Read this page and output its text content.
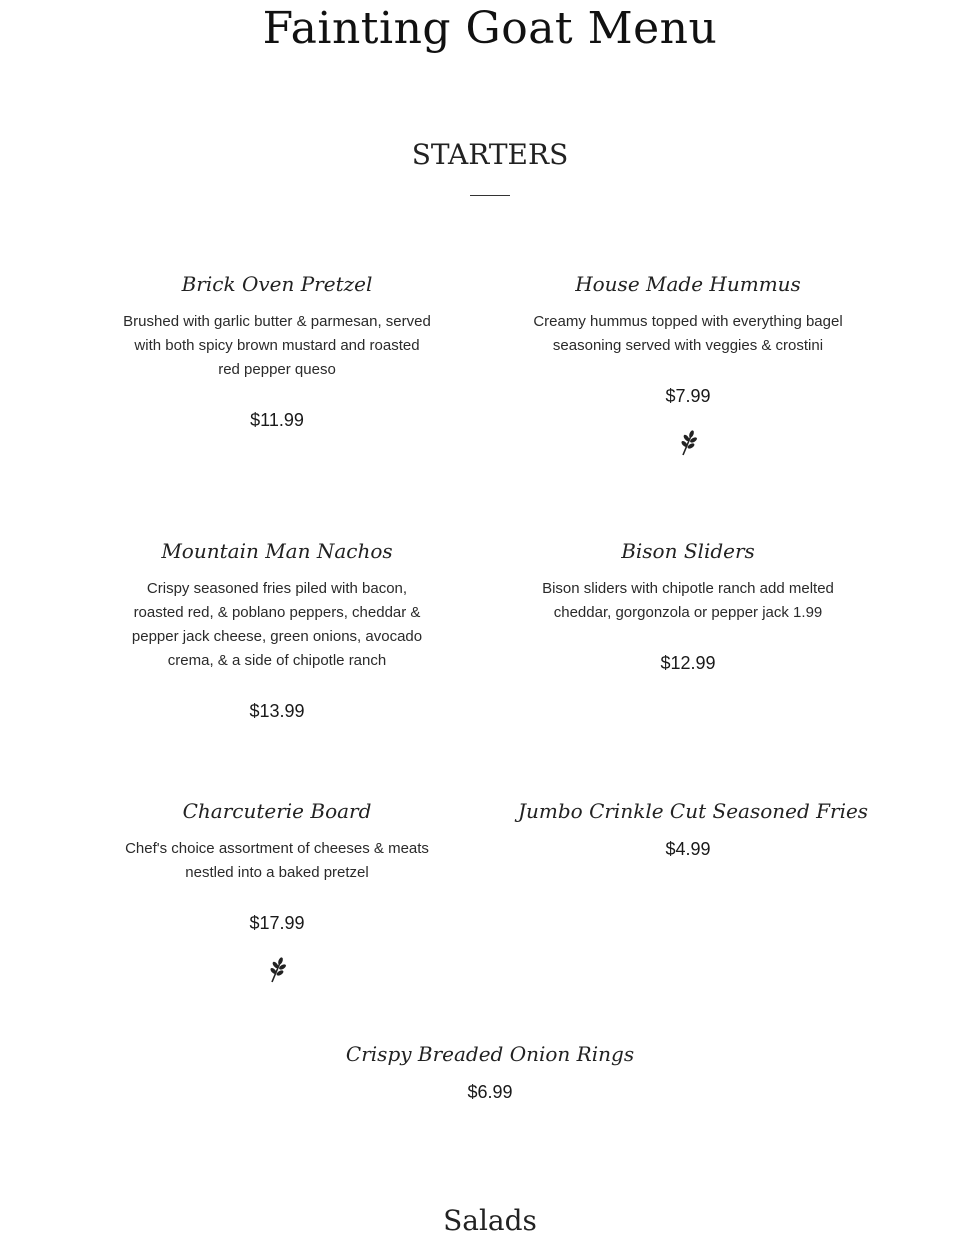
Fainting Goat Menu
STARTERS

Brick Oven Pretzel

Brushed with garlic butter & parmesan, served with both spicy brown mustard and roasted red pepper queso

$11.99

House Made Hummus

Creamy hummus topped with everything bagel seasoning served with veggies & crostini

$7.99

Mountain Man Nachos

Crispy seasoned fries piled with bacon, roasted red, & poblano peppers, cheddar & pepper jack cheese, green onions, avocado crema, & a side of chipotle ranch

$13.99

Bison Sliders

Bison sliders with chipotle ranch add melted cheddar, gorgonzola or pepper jack 1.99

$12.99

Charcuterie Board

Chef's choice assortment of cheeses & meats nestled into a baked pretzel

$17.99

Jumbo Crinkle Cut Seasoned Fries

$4.99

Crispy Breaded Onion Rings

$6.99

Salads
